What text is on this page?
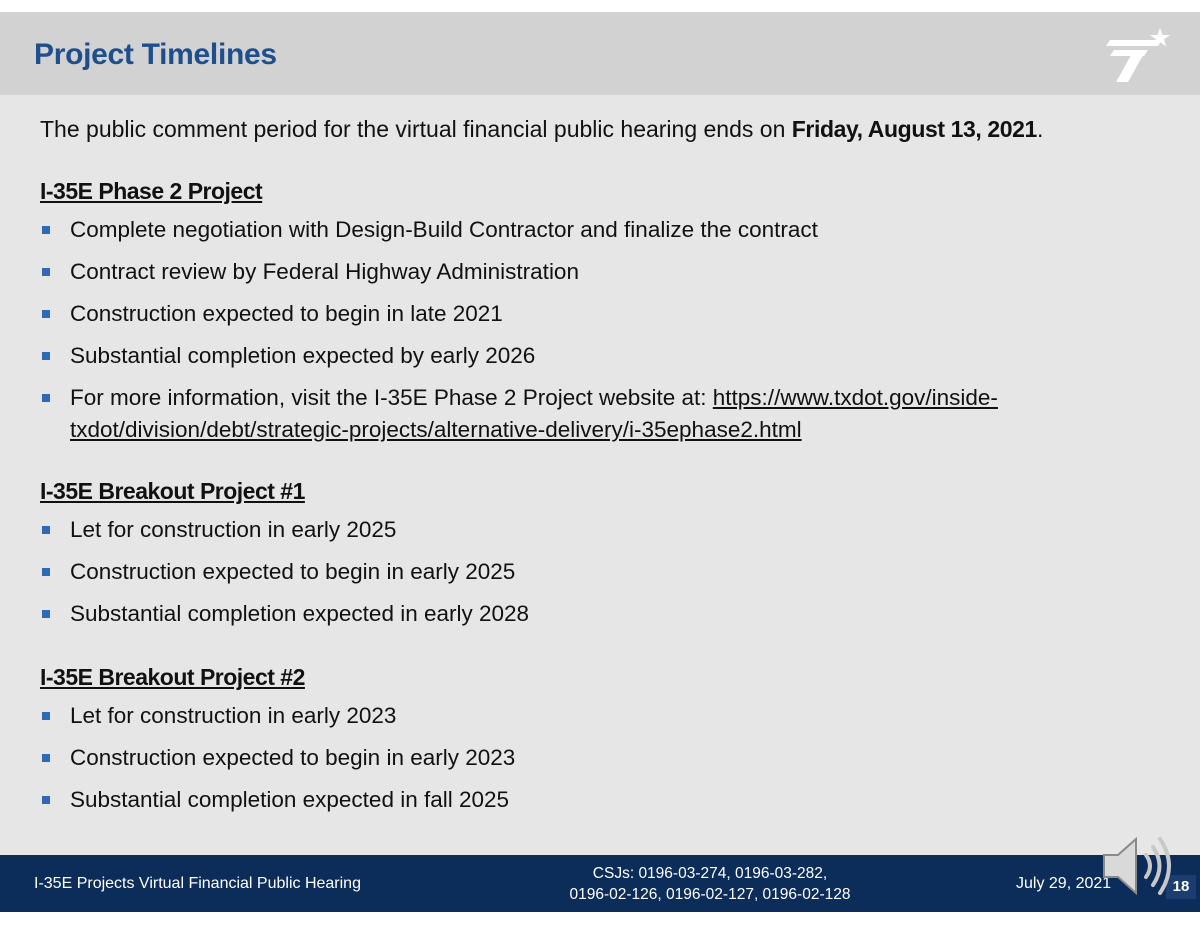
Project Timelines

The public comment period for the virtual financial public hearing ends on Friday, August 13, 2021.

I-35E Phase 2 Project
Complete negotiation with Design-Build Contractor and finalize the contract
Contract review by Federal Highway Administration
Construction expected to begin in late 2021
Substantial completion expected by early 2026
For more information, visit the I-35E Phase 2 Project website at: https://www.txdot.gov/inside-txdot/division/debt/strategic-projects/alternative-delivery/i-35ephase2.html
I-35E Breakout Project #1
Let for construction in early 2025
Construction expected to begin in early 2025
Substantial completion expected in early 2028
I-35E Breakout Project #2
Let for construction in early 2023
Construction expected to begin in early 2023
Substantial completion expected in fall 2025
I-35E Projects Virtual Financial Public Hearing
CSJs: 0196-03-274, 0196-03-282,
0196-02-126, 0196-02-127, 0196-02-128
July 29, 2021	18
